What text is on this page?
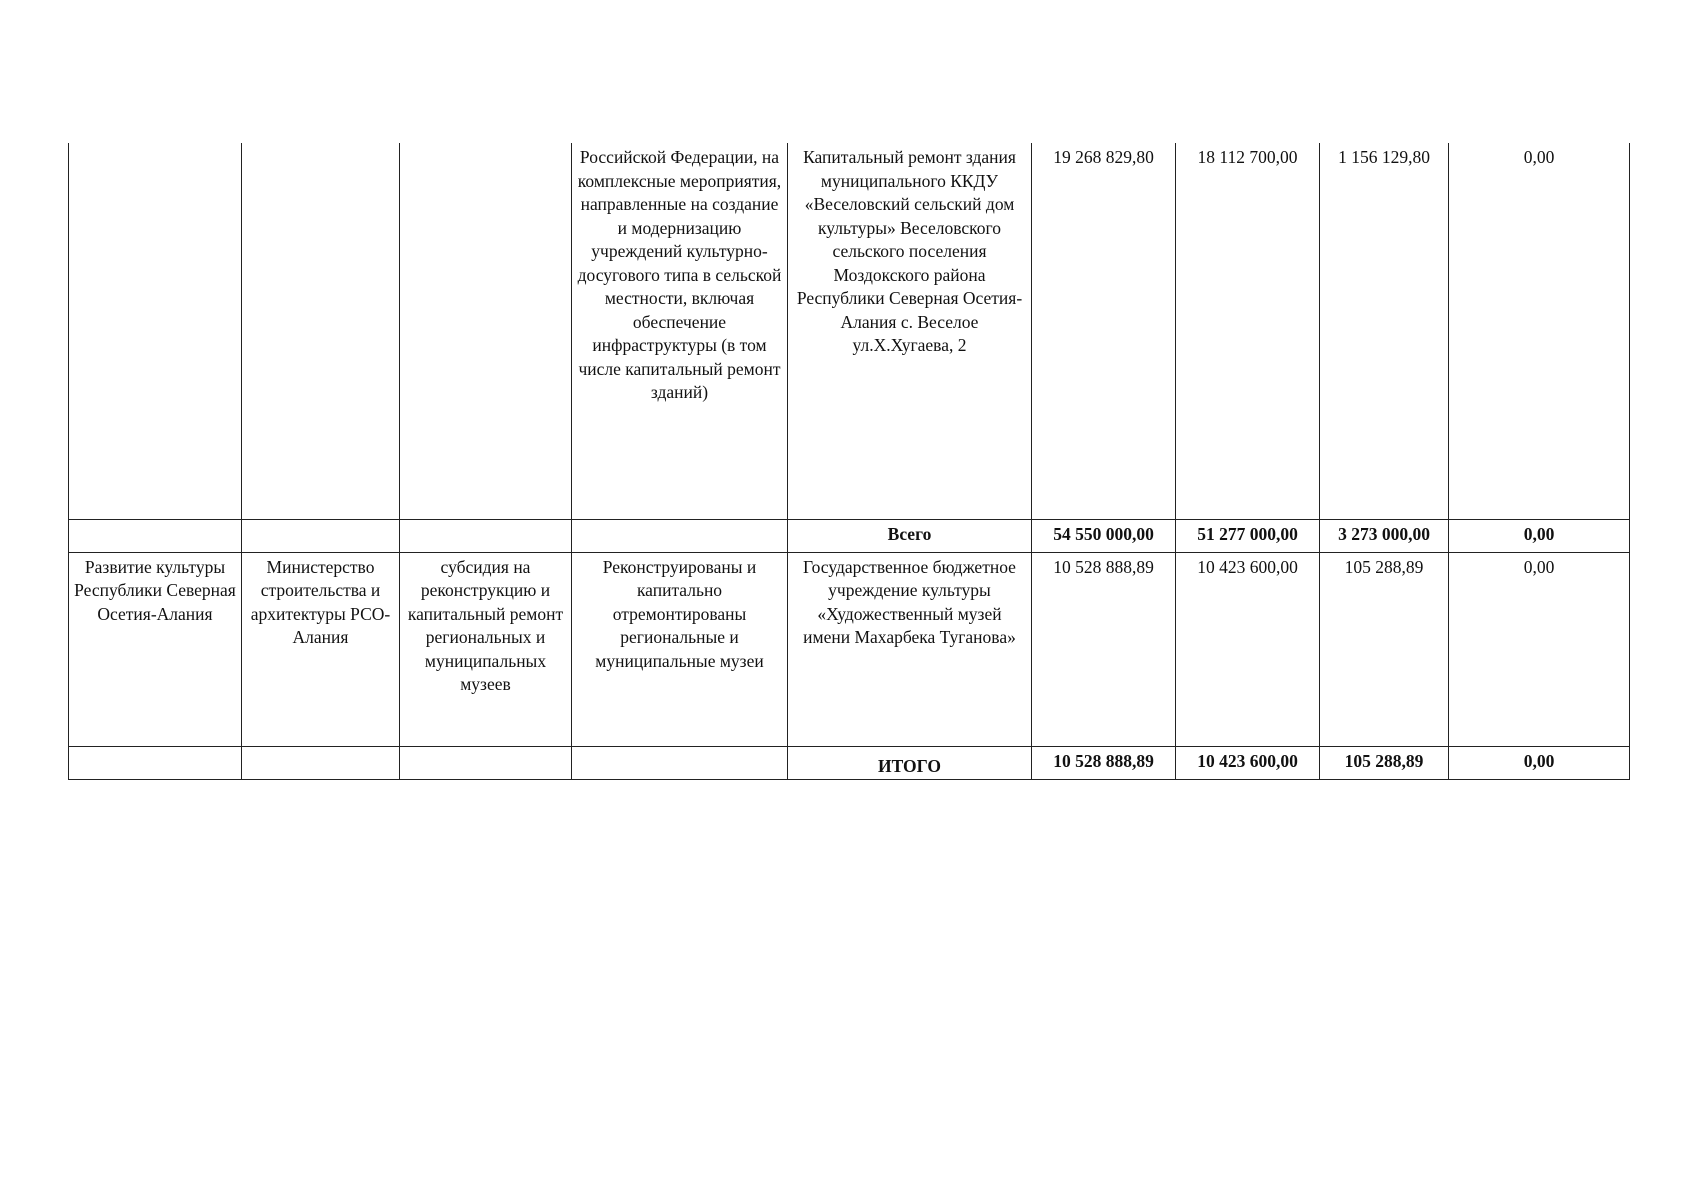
			Российской Федерации, на комплексные мероприятия, направленные на создание и модернизацию учреждений культурно-досугового типа в сельской местности, включая обеспечение инфраструктуры (в том числе капитальный ремонт зданий)	Капитальный ремонт здания муниципального ККДУ «Веселовский сельский дом культуры» Веселовского сельского поселения Моздокского района Республики Северная Осетия-Алания с. Веселое ул.Х.Хугаева, 2	19 268 829,80	18 112 700,00	1 156 129,80	0,00
				Всего	54 550 000,00	51 277 000,00	3 273 000,00	0,00
Развитие культуры Республики Северная Осетия-Алания	Министерство строительства и архитектуры РСО-Алания	субсидия на реконструкцию и капитальный ремонт региональных и муниципальных музеев	Реконструированы и капитально отремонтированы региональные и муниципальные музеи	Государственное бюджетное учреждение культуры «Художественный музей имени Махарбека Туганова»	10 528 888,89	10 423 600,00	105 288,89	0,00
				ИТОГО	10 528 888,89	10 423 600,00	105 288,89	0,00
